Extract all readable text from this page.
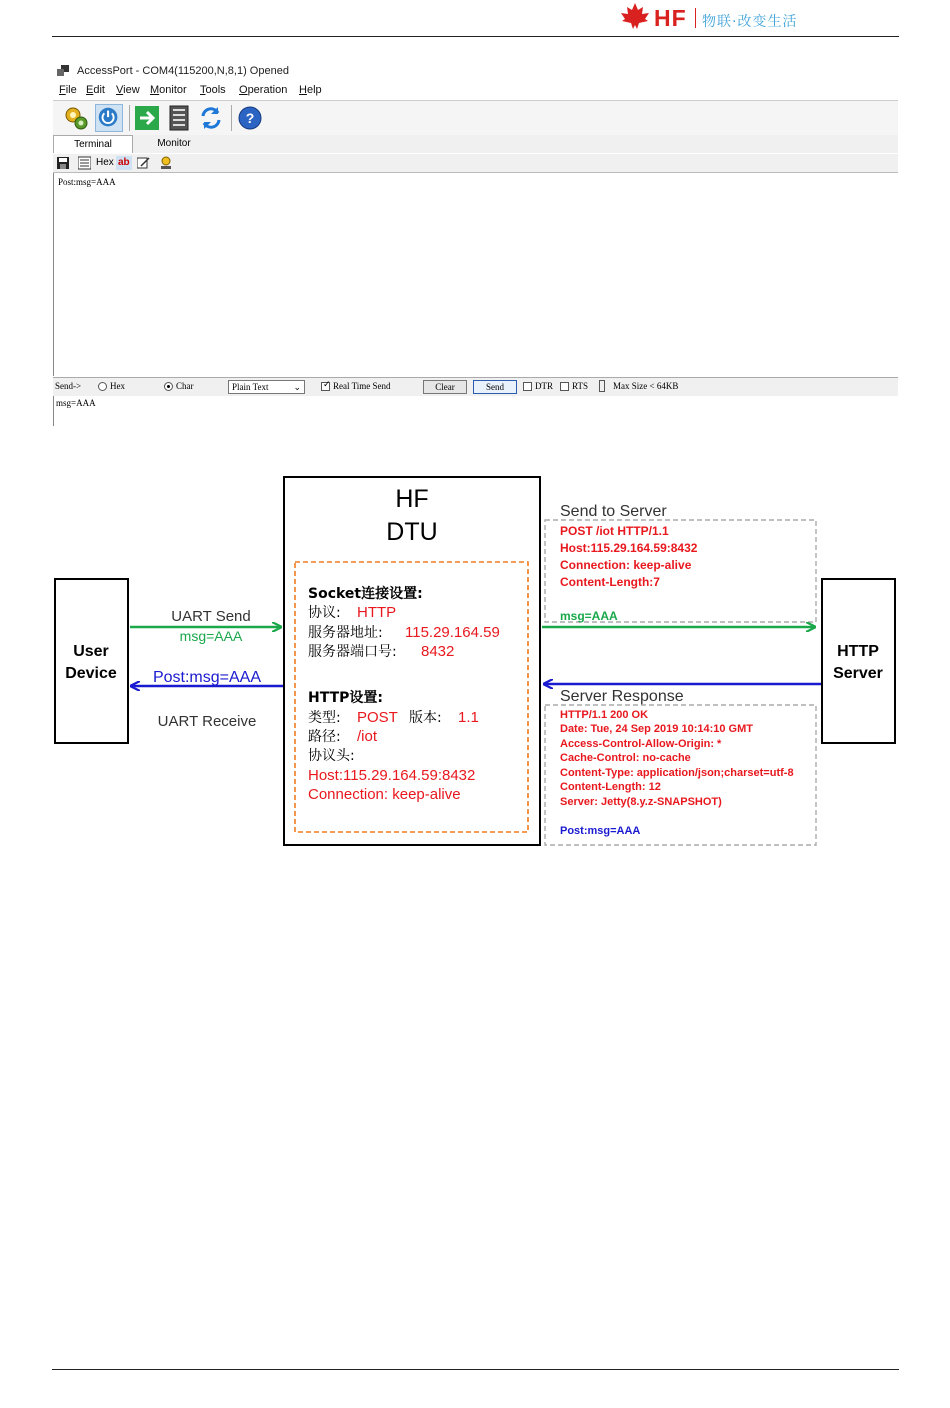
HF 物联·改变生活
AccessPort - COM4(115200,N,8,1) Opened
File Edit View Monitor Tools Operation Help
?
Terminal	Monitor
Hex ab
Post:msg=AAA
Send->	Hex	Char	Plain Text	⌄ ✓ Real Time Send	Clear	Send	DTR RTS	Max Size < 64KB
msg=AAA
User
Device
HF
DTU
Socket连接设置:
协议: HTTP
服务器地址: 115.29.164.59
服务器端口号: 8432
HTTP设置:
类型: POST 版本: 1.1
路径: /iot
协议头:
Host:115.29.164.59:8432
Connection: keep-alive
HTTP
Server
UART Send
msg=AAA
Post:msg=AAA
UART Receive
Send to Server
POST /iot HTTP/1.1
Host:115.29.164.59:8432
Connection: keep-alive
Content-Length:7
msg=AAA
Server Response
HTTP/1.1 200 OK
Date: Tue, 24 Sep 2019 10:14:10 GMT
Access-Control-Allow-Origin: *
Cache-Control: no-cache
Content-Type: application/json;charset=utf-8
Content-Length: 12
Server: Jetty(8.y.z-SNAPSHOT)
Post:msg=AAA
